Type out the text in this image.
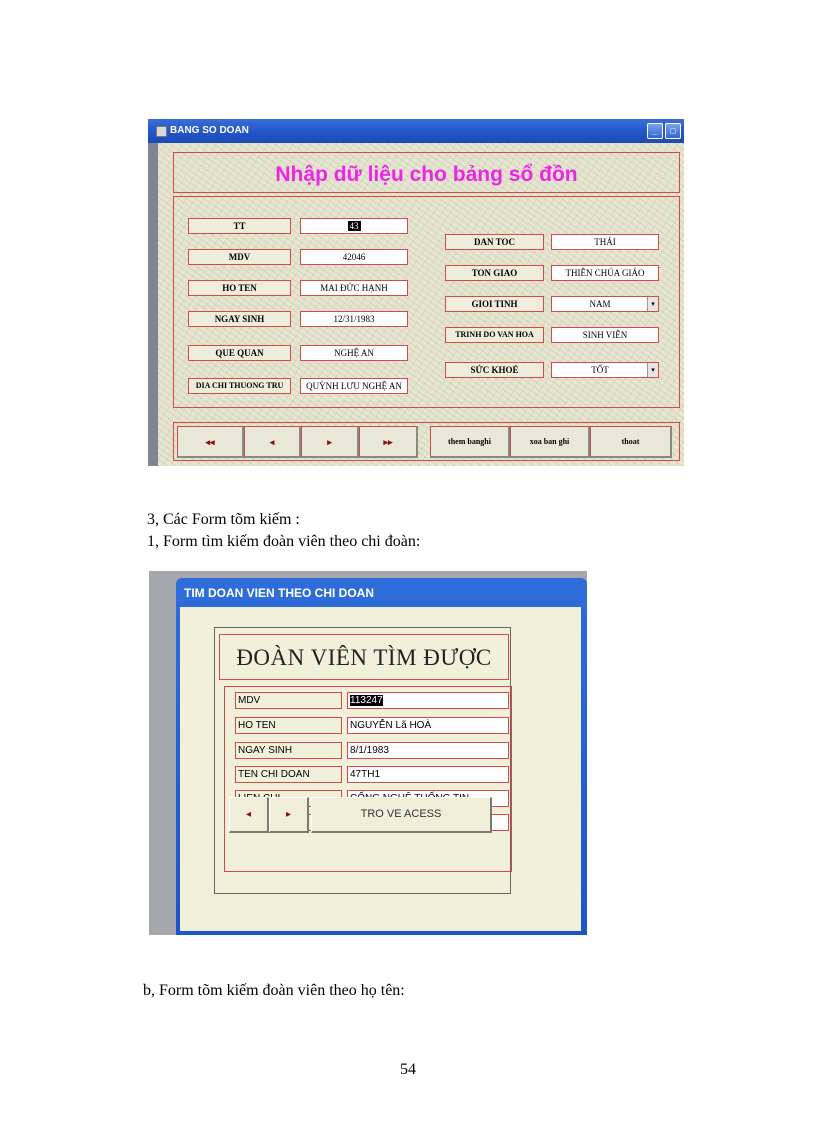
BANG SO DOAN	_	□
Nhập dữ liệu cho bảng sổ đồn
TT	43
MDV	42046
HO TEN	MAI ĐỨC HẠNH
NGAY SINH	12/31/1983
QUE QUAN	NGHỆ AN
DIA CHI THUONG TRU	QUỲNH LƯU NGHỆ AN
DAN TOC	THÁI
TON GIAO	THIÊN CHÚA GIÁO
GIOI TINH	NAM	▾
TRINH DO VAN HOA	SINH VIÊN
SỨC KHOẺ	TỐT	▾
◂◂	◂	▸	▸▸	them banghi	xoa ban ghi	thoat
3, Các Form tõm kiếm :
1, Form tìm kiếm đoàn viên theo chi đoàn:
TIM DOAN VIEN THEO CHI DOAN
ĐOÀN VIÊN TÌM ĐƯỢC
MDV	113247
HO TEN	NGUYỄN Lã HOÀ
NGAY SINH	8/1/1983
TEN CHI DOAN	47TH1
◂	▸	TRO VE ACESS
b, Form tõm kiếm đoàn viên theo họ tên:
54
